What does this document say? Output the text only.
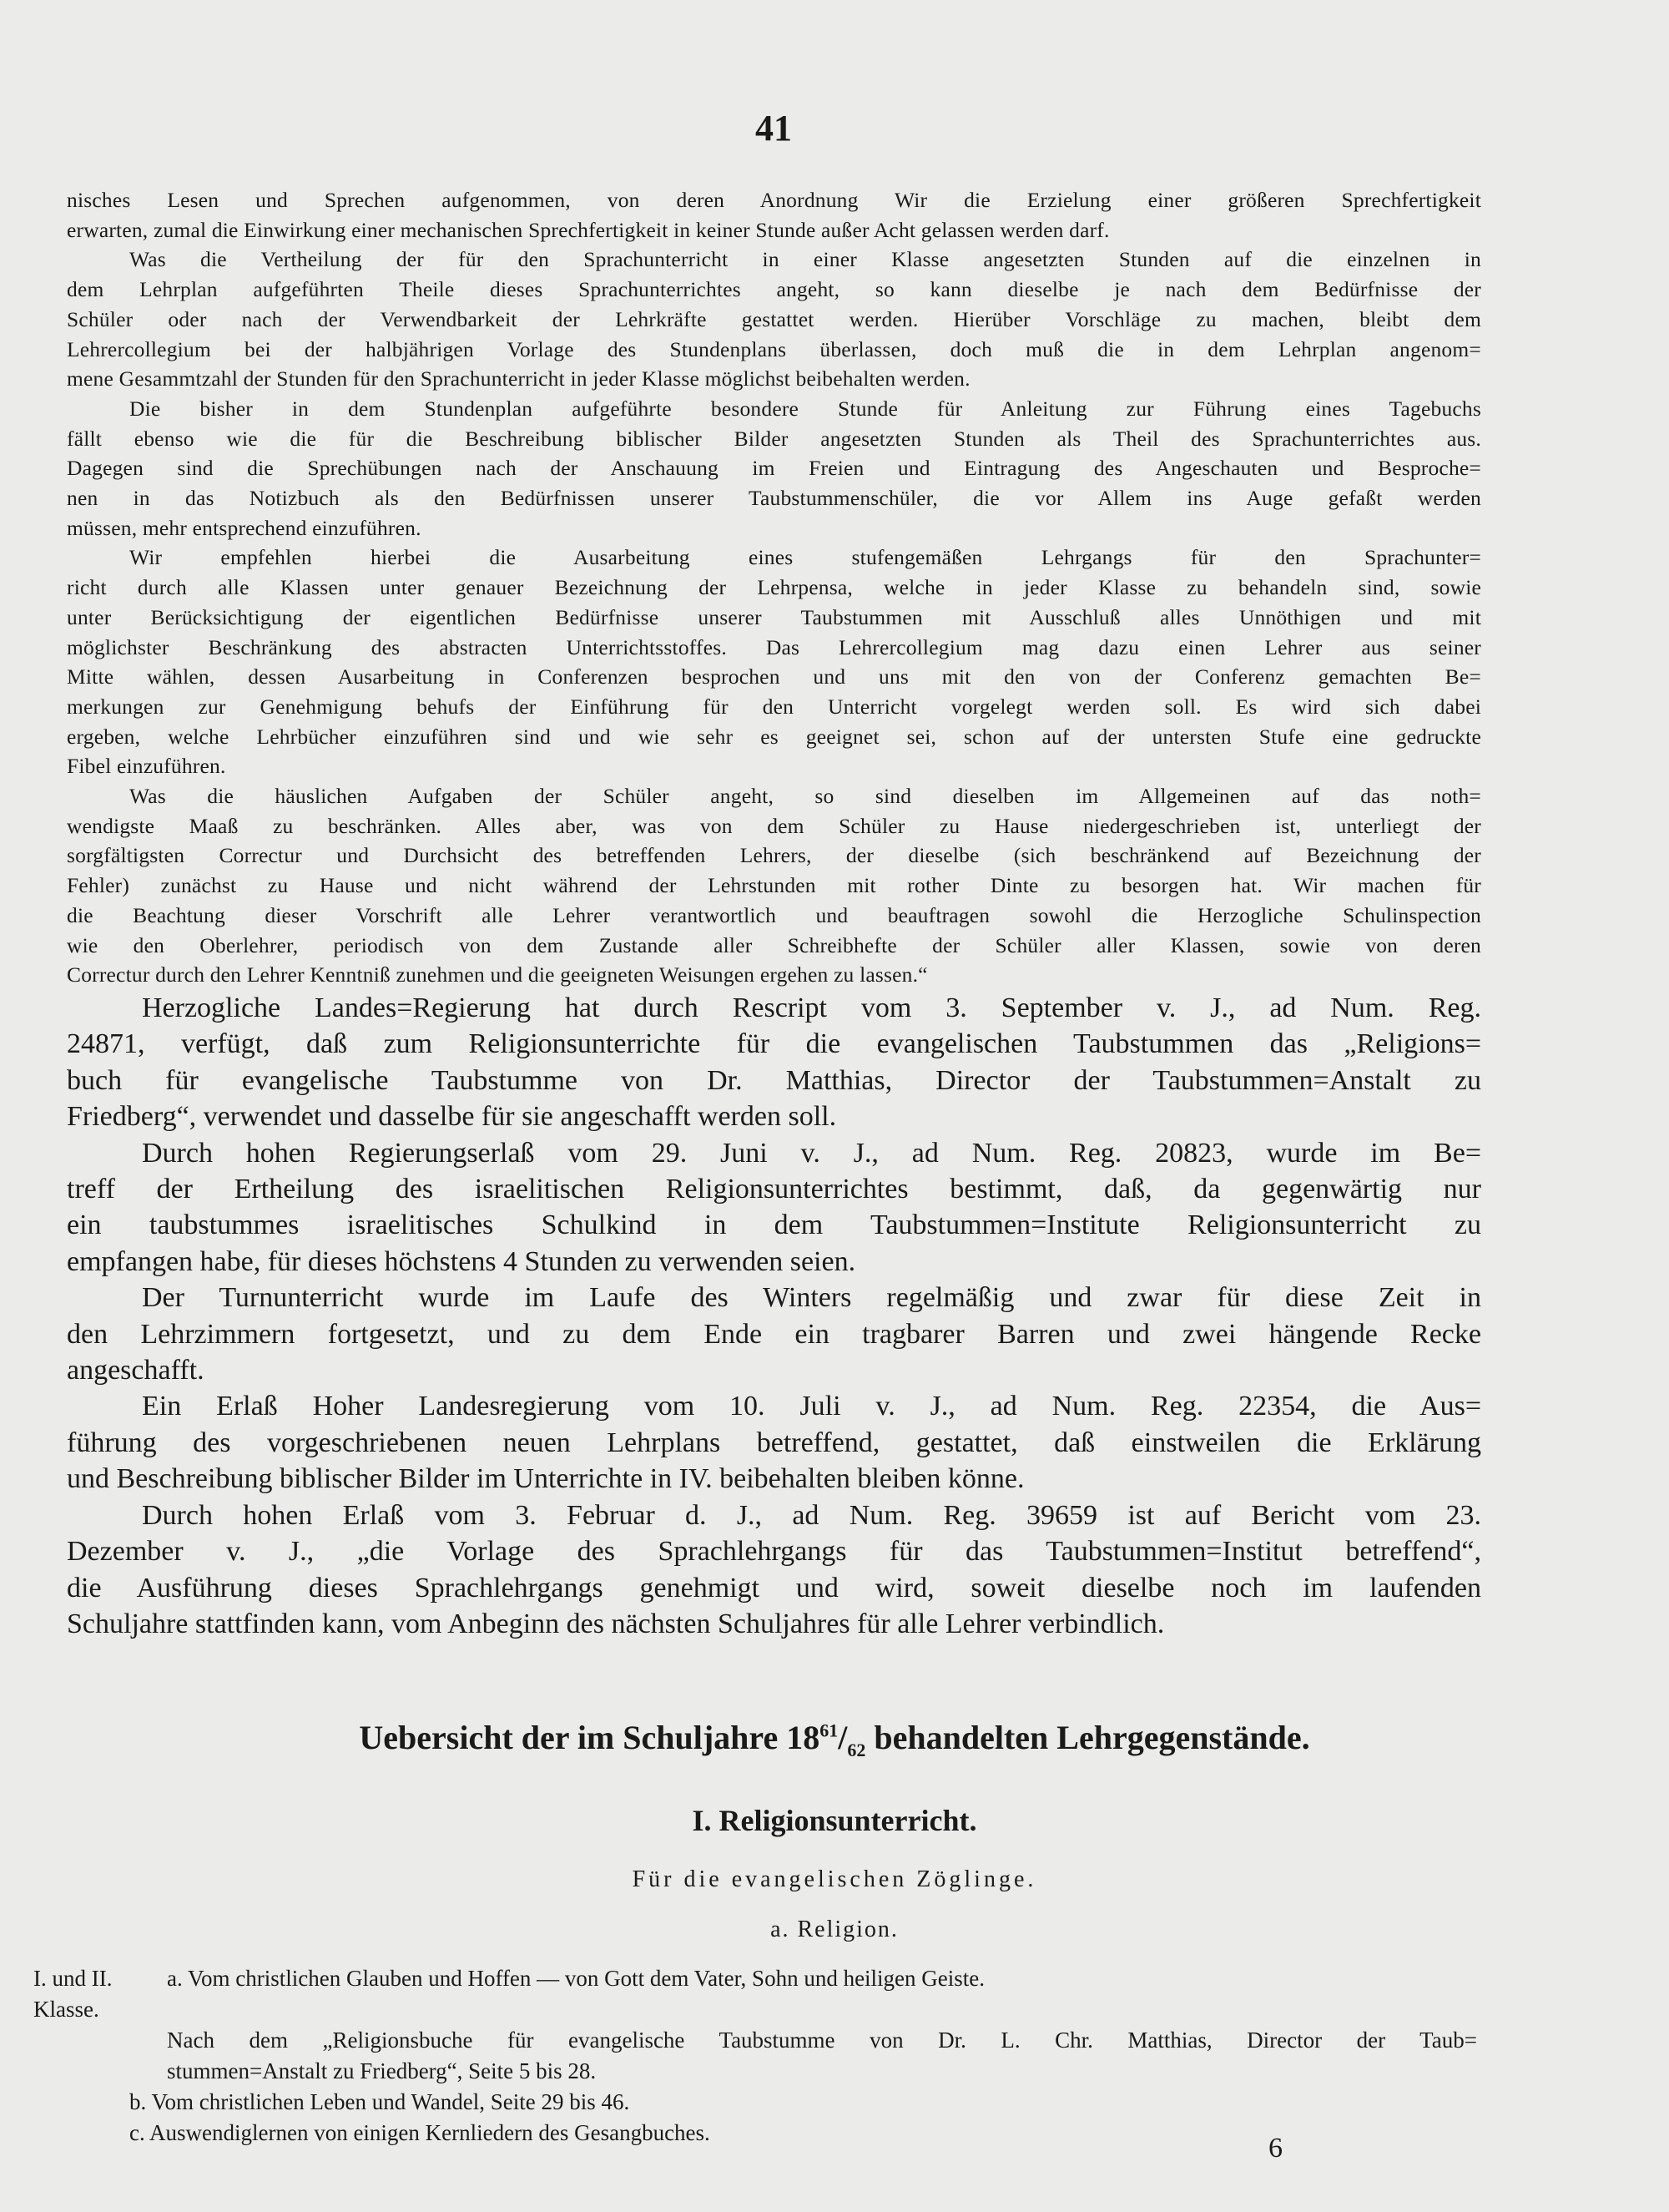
41
nisches Lesen und Sprechen aufgenommen, von deren Anordnung Wir die Erzielung einer größeren Sprechfertigkeit
erwarten, zumal die Einwirkung einer mechanischen Sprechfertigkeit in keiner Stunde außer Acht gelassen werden darf.
Was die Vertheilung der für den Sprachunterricht in einer Klasse angesetzten Stunden auf die einzelnen in
dem Lehrplan aufgeführten Theile dieses Sprachunterrichtes angeht, so kann dieselbe je nach dem Bedürfnisse der
Schüler oder nach der Verwendbarkeit der Lehrkräfte gestattet werden. Hierüber Vorschläge zu machen, bleibt dem
Lehrercollegium bei der halbjährigen Vorlage des Stundenplans überlassen, doch muß die in dem Lehrplan angenom=
mene Gesammtzahl der Stunden für den Sprachunterricht in jeder Klasse möglichst beibehalten werden.
Die bisher in dem Stundenplan aufgeführte besondere Stunde für Anleitung zur Führung eines Tagebuchs
fällt ebenso wie die für die Beschreibung biblischer Bilder angesetzten Stunden als Theil des Sprachunterrichtes aus.
Dagegen sind die Sprechübungen nach der Anschauung im Freien und Eintragung des Angeschauten und Besproche=
nen in das Notizbuch als den Bedürfnissen unserer Taubstummenschüler, die vor Allem ins Auge gefaßt werden
müssen, mehr entsprechend einzuführen.
Wir empfehlen hierbei die Ausarbeitung eines stufengemäßen Lehrgangs für den Sprachunter=
richt durch alle Klassen unter genauer Bezeichnung der Lehrpensa, welche in jeder Klasse zu behandeln sind, sowie
unter Berücksichtigung der eigentlichen Bedürfnisse unserer Taubstummen mit Ausschluß alles Unnöthigen und mit
möglichster Beschränkung des abstracten Unterrichtsstoffes. Das Lehrercollegium mag dazu einen Lehrer aus seiner
Mitte wählen, dessen Ausarbeitung in Conferenzen besprochen und uns mit den von der Conferenz gemachten Be=
merkungen zur Genehmigung behufs der Einführung für den Unterricht vorgelegt werden soll. Es wird sich dabei
ergeben, welche Lehrbücher einzuführen sind und wie sehr es geeignet sei, schon auf der untersten Stufe eine gedruckte
Fibel einzuführen.
Was die häuslichen Aufgaben der Schüler angeht, so sind dieselben im Allgemeinen auf das noth=
wendigste Maaß zu beschränken. Alles aber, was von dem Schüler zu Hause niedergeschrieben ist, unterliegt der
sorgfältigsten Correctur und Durchsicht des betreffenden Lehrers, der dieselbe (sich beschränkend auf Bezeichnung der
Fehler) zunächst zu Hause und nicht während der Lehrstunden mit rother Dinte zu besorgen hat. Wir machen für
die Beachtung dieser Vorschrift alle Lehrer verantwortlich und beauftragen sowohl die Herzogliche Schulinspection
wie den Oberlehrer, periodisch von dem Zustande aller Schreibhefte der Schüler aller Klassen, sowie von deren
Correctur durch den Lehrer Kenntniß zunehmen und die geeigneten Weisungen ergehen zu lassen.“
Herzogliche Landes=Regierung hat durch Rescript vom 3. September v. J., ad Num. Reg.
24871, verfügt, daß zum Religionsunterrichte für die evangelischen Taubstummen das „Religions=
buch für evangelische Taubstumme von Dr. Matthias, Director der Taubstummen=Anstalt zu
Friedberg“, verwendet und dasselbe für sie angeschafft werden soll.
Durch hohen Regierungserlaß vom 29. Juni v. J., ad Num. Reg. 20823, wurde im Be=
treff der Ertheilung des israelitischen Religionsunterrichtes bestimmt, daß, da gegenwärtig nur
ein taubstummes israelitisches Schulkind in dem Taubstummen=Institute Religionsunterricht zu
empfangen habe, für dieses höchstens 4 Stunden zu verwenden seien.
Der Turnunterricht wurde im Laufe des Winters regelmäßig und zwar für diese Zeit in
den Lehrzimmern fortgesetzt, und zu dem Ende ein tragbarer Barren und zwei hängende Recke
angeschafft.
Ein Erlaß Hoher Landesregierung vom 10. Juli v. J., ad Num. Reg. 22354, die Aus=
führung des vorgeschriebenen neuen Lehrplans betreffend, gestattet, daß einstweilen die Erklärung
und Beschreibung biblischer Bilder im Unterrichte in IV. beibehalten bleiben könne.
Durch hohen Erlaß vom 3. Februar d. J., ad Num. Reg. 39659 ist auf Bericht vom 23.
Dezember v. J., „die Vorlage des Sprachlehrgangs für das Taubstummen=Institut betreffend“,
die Ausführung dieses Sprachlehrgangs genehmigt und wird, soweit dieselbe noch im laufenden
Schuljahre stattfinden kann, vom Anbeginn des nächsten Schuljahres für alle Lehrer verbindlich.
Uebersicht der im Schuljahre $18^{61}/_{62}$ behandelten Lehrgegenstände.
I. Religionsunterricht.
Für die evangelischen Zöglinge.
a. Religion.
I. und II. Klasse.
a. Vom christlichen Glauben und Hoffen — von Gott dem Vater, Sohn und heiligen Geiste.
Nach dem „Religionsbuche für evangelische Taubstumme von Dr. L. Chr. Matthias, Director der Taub=
stummen=Anstalt zu Friedberg“, Seite 5 bis 28.
b. Vom christlichen Leben und Wandel, Seite 29 bis 46.
c. Auswendiglernen von einigen Kernliedern des Gesangbuches.	6
